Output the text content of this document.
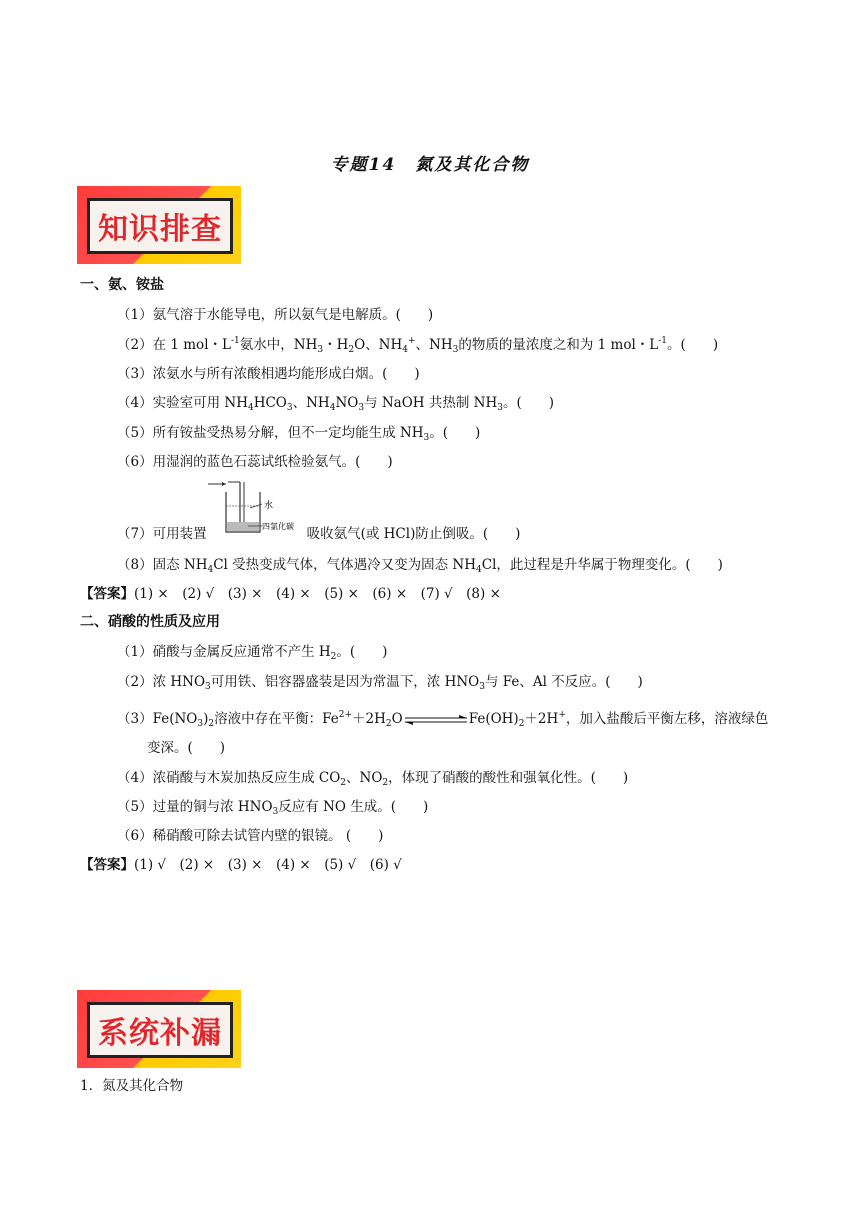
专题14　氮及其化合物
知识排查
一、氨、铵盐
（1）氨气溶于水能导电，所以氨气是电解质。(　　)
（2）在 1 mol・$L^{-1}$氨水中，$NH_3$・$H_2O$、$NH_4^+$、$NH_3$的物质的量浓度之和为 1 mol・$L^{-1}$。(　　)
（3）浓氨水与所有浓酸相遇均能形成白烟。(　　)
（4）实验室可用 $NH_4HCO_3$、$NH_4NO_3$与 NaOH 共热制 $NH_3$。(　　)
（5）所有铵盐受热易分解，但不一定均能生成 $NH_3$。(　　)
（6）用湿润的蓝色石蕊试纸检验氨气。(　　)
水
四氯化碳
（7）可用装置	吸收氨气(或 HCl)防止倒吸。(　　)
（8）固态 $NH_4Cl$ 受热变成气体，气体遇冷又变为固态 $NH_4Cl$，此过程是升华属于物理变化。(　　)
【答案】(1) ×　(2) √　(3) ×　(4) ×　(5) ×　(6) ×　(7) √　(8) ×
二、硝酸的性质及应用
（1）硝酸与金属反应通常不产生 $H_2$。(　　)
（2）浓 $HNO_3$可用铁、铝容器盛装是因为常温下，浓 $HNO_3$与 Fe、Al 不反应。(　　)
$(3)Fe(NO_3)_2$溶液中存在平衡：$Fe^{2+}+2H_2O$	$Fe(OH)_2+2H^+$，加入盐酸后平衡左移，溶液绿色
变深。(　　)
（4）浓硝酸与木炭加热反应生成 $CO_2$、$NO_2$，体现了硝酸的酸性和强氧化性。(　　)
（5）过量的铜与浓 $HNO_3$反应有 NO 生成。(　　)
（6）稀硝酸可除去试管内壁的银镜。 (　　)
【答案】(1) √　(2) ×　(3) ×　(4) ×　(5) √　(6) √
系统补漏
1．氮及其化合物
